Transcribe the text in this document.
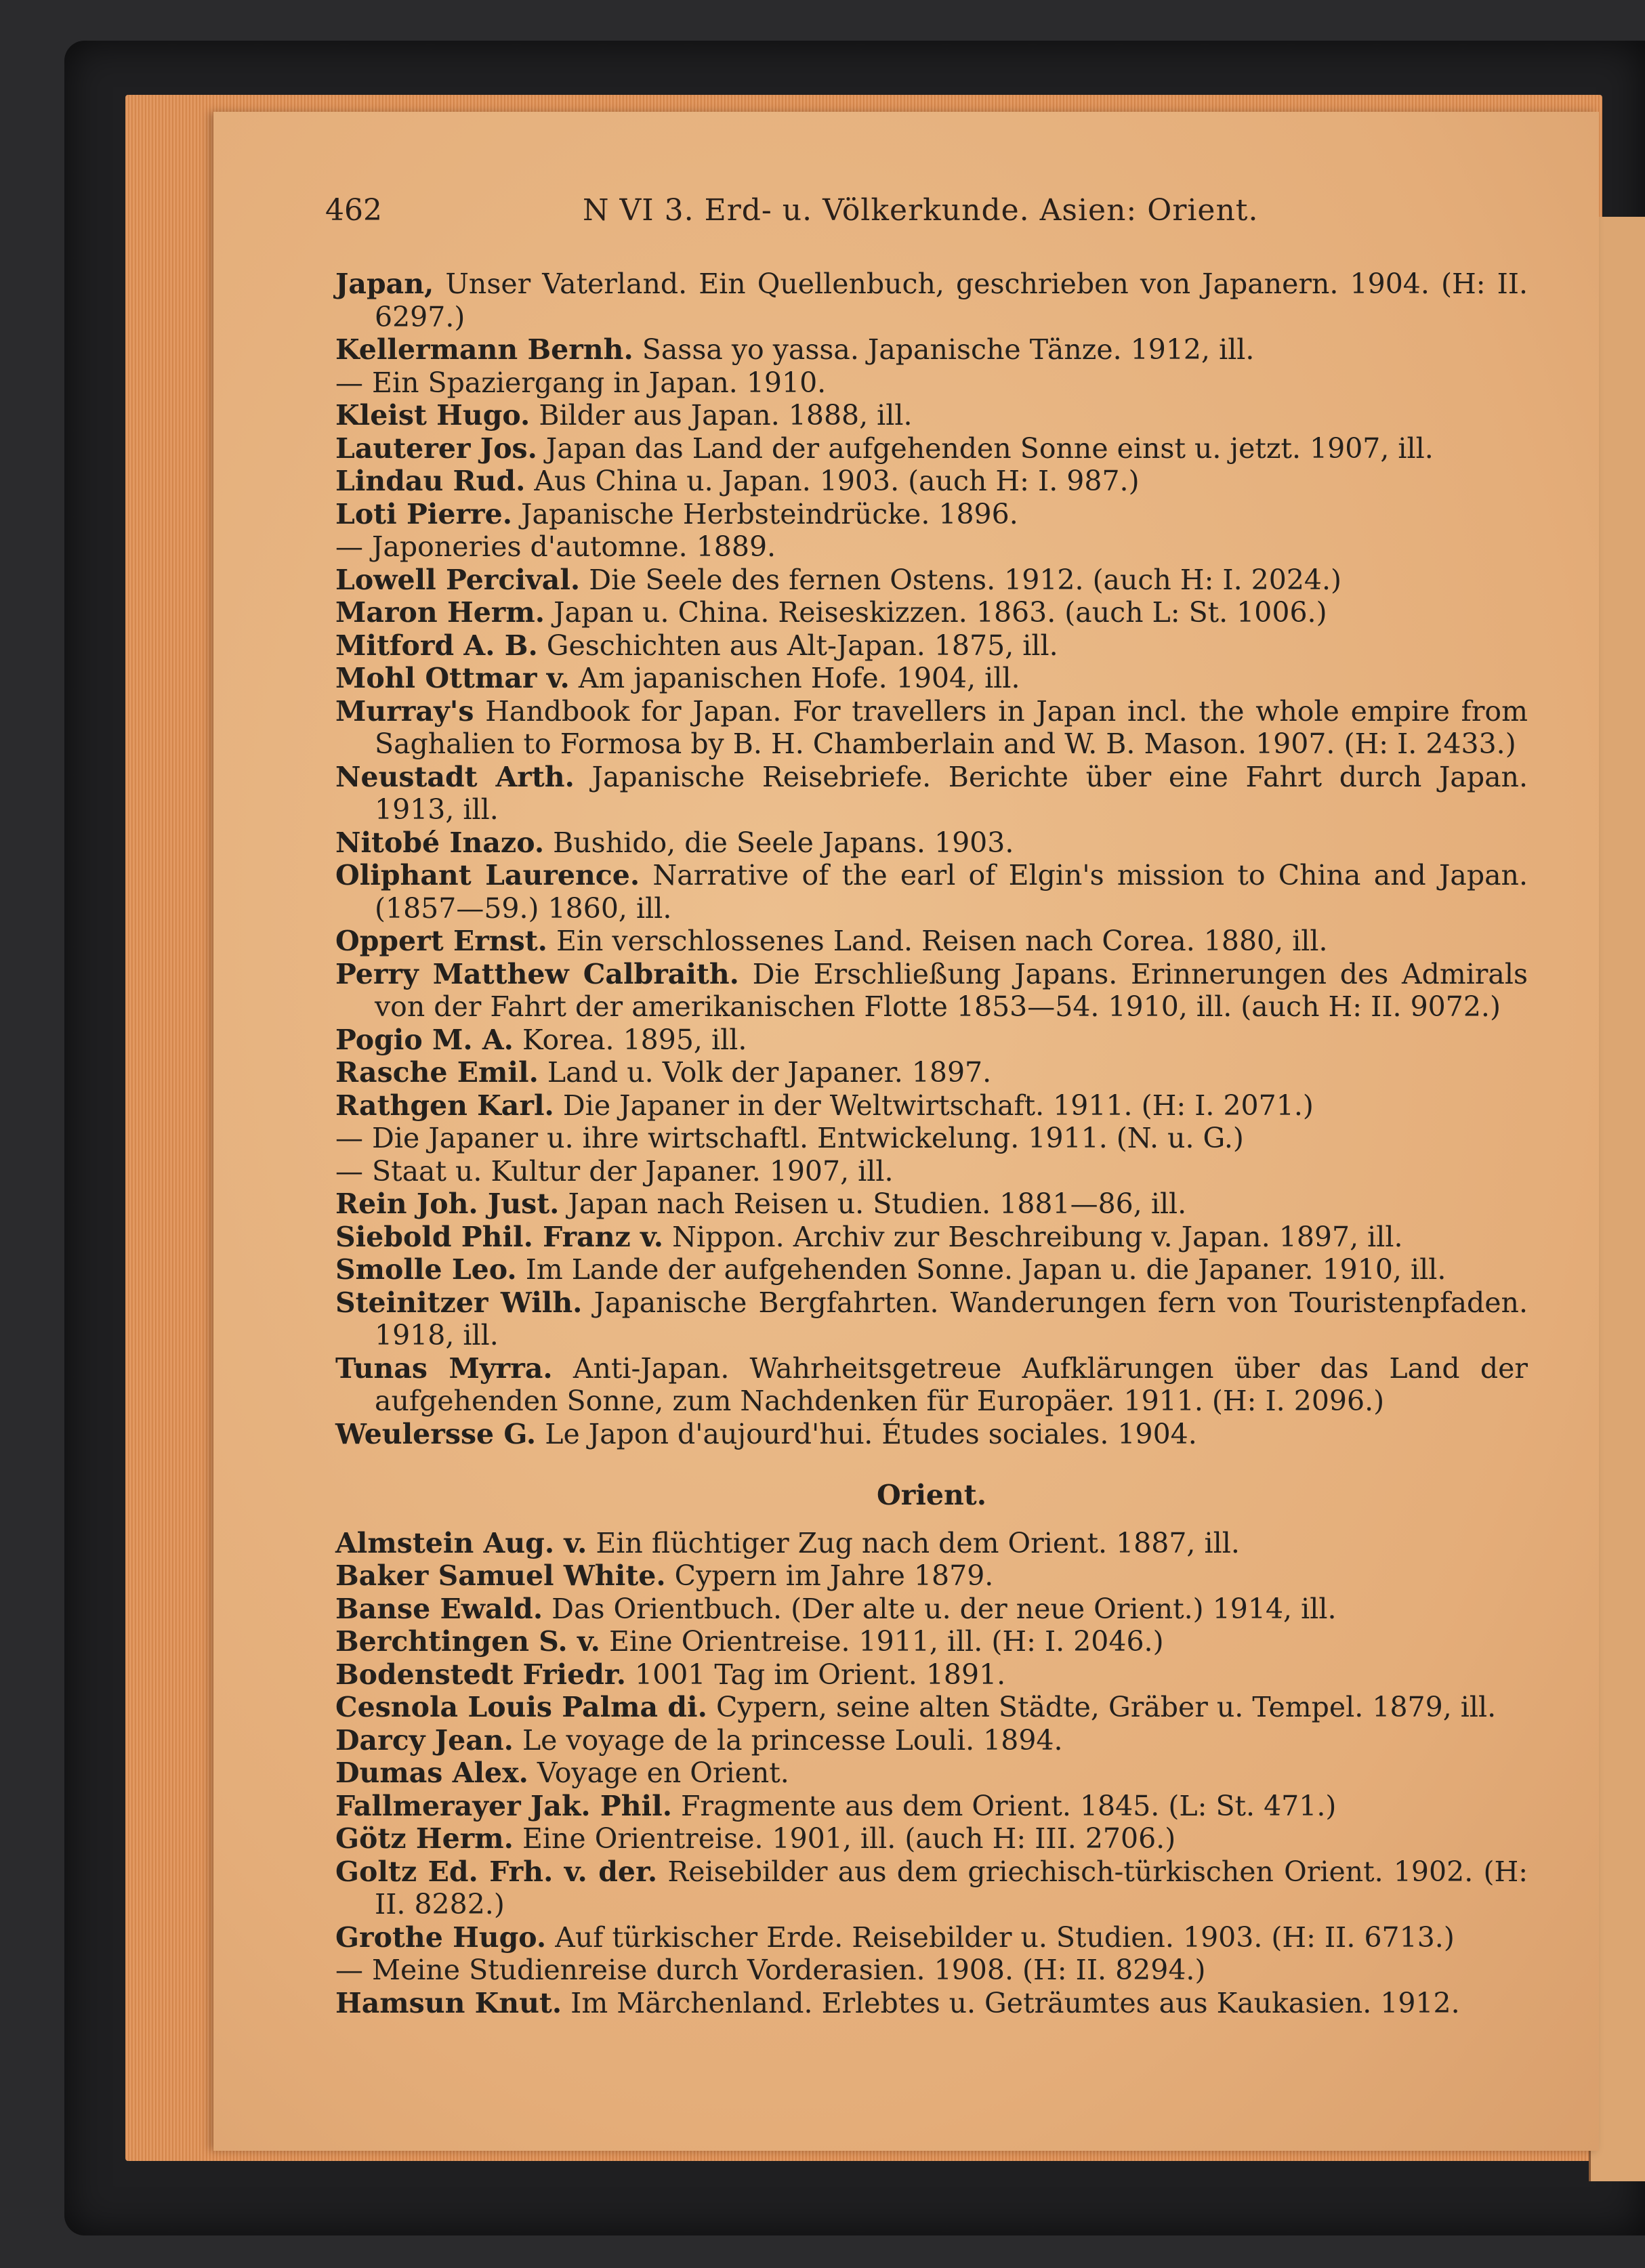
462	N VI 3. Erd- u. Völkerkunde. Asien: Orient.
Japan, Unser Vaterland. Ein Quellenbuch, geschrieben von Japanern. 1904. (H: II. 6297.)
Kellermann Bernh. Sassa yo yassa. Japanische Tänze. 1912, ill.
— Ein Spaziergang in Japan. 1910.
Kleist Hugo. Bilder aus Japan. 1888, ill.
Lauterer Jos. Japan das Land der aufgehenden Sonne einst u. jetzt. 1907, ill.
Lindau Rud. Aus China u. Japan. 1903. (auch H: I. 987.)
Loti Pierre. Japanische Herbsteindrücke. 1896.
— Japoneries d'automne. 1889.
Lowell Percival. Die Seele des fernen Ostens. 1912. (auch H: I. 2024.)
Maron Herm. Japan u. China. Reiseskizzen. 1863. (auch L: St. 1006.)
Mitford A. B. Geschichten aus Alt-Japan. 1875, ill.
Mohl Ottmar v. Am japanischen Hofe. 1904, ill.
Murray's Handbook for Japan. For travellers in Japan incl. the whole empire from Saghalien to Formosa by B. H. Chamberlain and W. B. Mason. 1907. (H: I. 2433.)
Neustadt Arth. Japanische Reisebriefe. Berichte über eine Fahrt durch Japan. 1913, ill.
Nitobé Inazo. Bushido, die Seele Japans. 1903.
Oliphant Laurence. Narrative of the earl of Elgin's mission to China and Japan. (1857—59.) 1860, ill.
Oppert Ernst. Ein verschlossenes Land. Reisen nach Corea. 1880, ill.
Perry Matthew Calbraith. Die Erschließung Japans. Erinnerungen des Admirals von der Fahrt der amerikanischen Flotte 1853—54. 1910, ill. (auch H: II. 9072.)
Pogio M. A. Korea. 1895, ill.
Rasche Emil. Land u. Volk der Japaner. 1897.
Rathgen Karl. Die Japaner in der Weltwirtschaft. 1911. (H: I. 2071.)
— Die Japaner u. ihre wirtschaftl. Entwickelung. 1911. (N. u. G.)
— Staat u. Kultur der Japaner. 1907, ill.
Rein Joh. Just. Japan nach Reisen u. Studien. 1881—86, ill.
Siebold Phil. Franz v. Nippon. Archiv zur Beschreibung v. Japan. 1897, ill.
Smolle Leo. Im Lande der aufgehenden Sonne. Japan u. die Japaner. 1910, ill.
Steinitzer Wilh. Japanische Bergfahrten. Wanderungen fern von Touristenpfaden. 1918, ill.
Tunas Myrra. Anti-Japan. Wahrheitsgetreue Aufklärungen über das Land der aufgehenden Sonne, zum Nachdenken für Europäer. 1911. (H: I. 2096.)
Weulersse G. Le Japon d'aujourd'hui. Études sociales. 1904.
Orient.
Almstein Aug. v. Ein flüchtiger Zug nach dem Orient. 1887, ill.
Baker Samuel White. Cypern im Jahre 1879.
Banse Ewald. Das Orientbuch. (Der alte u. der neue Orient.) 1914, ill.
Berchtingen S. v. Eine Orientreise. 1911, ill. (H: I. 2046.)
Bodenstedt Friedr. 1001 Tag im Orient. 1891.
Cesnola Louis Palma di. Cypern, seine alten Städte, Gräber u. Tempel. 1879, ill.
Darcy Jean. Le voyage de la princesse Louli. 1894.
Dumas Alex. Voyage en Orient.
Fallmerayer Jak. Phil. Fragmente aus dem Orient. 1845. (L: St. 471.)
Götz Herm. Eine Orientreise. 1901, ill. (auch H: III. 2706.)
Goltz Ed. Frh. v. der. Reisebilder aus dem griechisch-türkischen Orient. 1902. (H: II. 8282.)
Grothe Hugo. Auf türkischer Erde. Reisebilder u. Studien. 1903. (H: II. 6713.)
— Meine Studienreise durch Vorderasien. 1908. (H: II. 8294.)
Hamsun Knut. Im Märchenland. Erlebtes u. Geträumtes aus Kaukasien. 1912.
